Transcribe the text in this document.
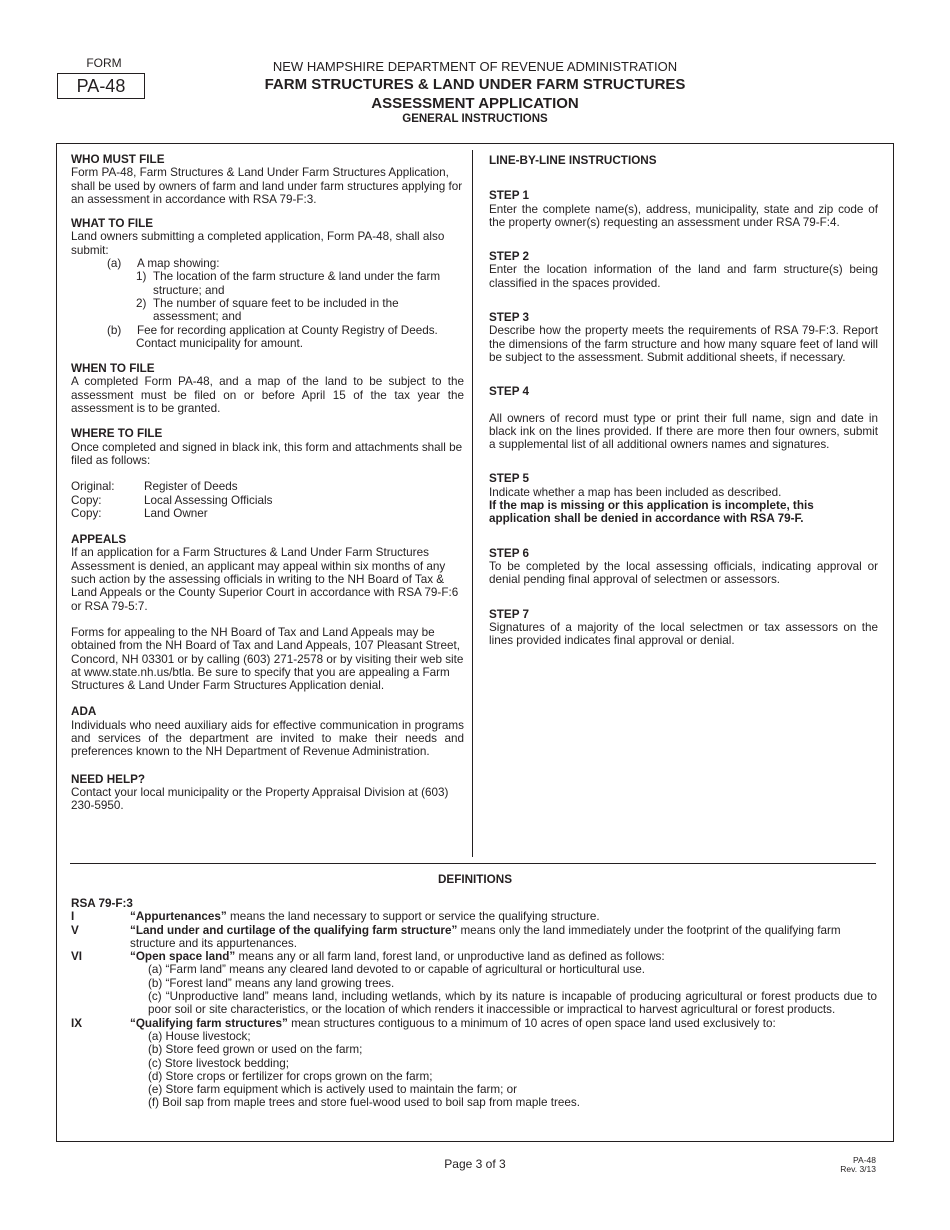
FORM
PA-48
NEW HAMPSHIRE DEPARTMENT OF REVENUE ADMINISTRATION
FARM STRUCTURES & LAND UNDER FARM STRUCTURES
ASSESSMENT APPLICATION
GENERAL INSTRUCTIONS
WHO MUST FILE
Form PA-48, Farm Structures & Land Under Farm Structures Application, shall be used by owners of farm and land under farm structures applying for an assessment in accordance with RSA 79-F:3.
WHAT TO FILE
Land owners submitting a completed application, Form PA-48, shall also submit:
(a)	A map showing:
1) The location of the farm structure & land under the farm structure; and
2) The number of square feet to be included in the assessment; and
(b)	Fee for recording application at County Registry of Deeds.
Contact municipality for amount.
WHEN TO FILE
A completed Form PA-48, and a map of the land to be subject to the assessment must be filed on or before April 15 of the tax year the assessment is to be granted.
WHERE TO FILE
Once completed and signed in black ink, this form and attachments shall be filed as follows:
Original:	Register of Deeds
Copy:	Local Assessing Officials
Copy:	Land Owner
APPEALS
If an application for a Farm Structures & Land Under Farm Structures Assessment is denied, an applicant may appeal within six months of any such action by the assessing officials in writing to the NH Board of Tax & Land Appeals or the County Superior Court in accordance with RSA 79-F:6 or RSA 79-5:7.
Forms for appealing to the NH Board of Tax and Land Appeals may be obtained from the NH Board of Tax and Land Appeals, 107 Pleasant Street, Concord, NH 03301 or by calling (603) 271-2578 or by visiting their web site at www.state.nh.us/btla. Be sure to specify that you are appealing a Farm Structures & Land Under Farm Structures Application denial.
ADA
Individuals who need auxiliary aids for effective communication in programs and services of the department are invited to make their needs and preferences known to the NH Department of Revenue Administration.
NEED HELP?
Contact your local municipality or the Property Appraisal Division at (603) 230-5950.
LINE-BY-LINE INSTRUCTIONS
STEP 1
Enter the complete name(s), address, municipality, state and zip code of the property owner(s) requesting an assessment under RSA 79-F:4.
STEP 2
Enter the location information of the land and farm structure(s) being classified in the spaces provided.
STEP 3
Describe how the property meets the requirements of RSA 79-F:3. Report the dimensions of the farm structure and how many square feet of land will be subject to the assessment. Submit additional sheets, if necessary.
STEP 4
All owners of record must type or print their full name, sign and date in black ink on the lines provided. If there are more then four owners, submit a supplemental list of all additional owners names and signatures.
STEP 5
Indicate whether a map has been included as described.
If the map is missing or this application is incomplete, this application shall be denied in accordance with RSA 79-F.
STEP 6
To be completed by the local assessing officials, indicating approval or denial pending final approval of selectmen or assessors.
STEP 7
Signatures of a majority of the local selectmen or tax assessors on the lines provided indicates final approval or denial.
DEFINITIONS
RSA 79-F:3
I	“Appurtenances” means the land necessary to support or service the qualifying structure.
V	“Land under and curtilage of the qualifying farm structure” means only the land immediately under the footprint of the qualifying farm structure and its appurtenances.
VI	“Open space land” means any or all farm land, forest land, or unproductive land as defined as follows:
(a) “Farm land” means any cleared land devoted to or capable of agricultural or horticultural use.
(b) “Forest land” means any land growing trees.
(c) “Unproductive land” means land, including wetlands, which by its nature is incapable of producing agricultural or forest products due to poor soil or site characteristics, or the location of which renders it inaccessible or impractical to harvest agricultural or forest products.
IX	“Qualifying farm structures” mean structures contiguous to a minimum of 10 acres of open space land used exclusively to:
(a) House livestock;
(b) Store feed grown or used on the farm;
(c) Store livestock bedding;
(d) Store crops or fertilizer for crops grown on the farm;
(e) Store farm equipment which is actively used to maintain the farm; or
(f) Boil sap from maple trees and store fuel-wood used to boil sap from maple trees.
Page 3 of 3	PA-48
Rev. 3/13
